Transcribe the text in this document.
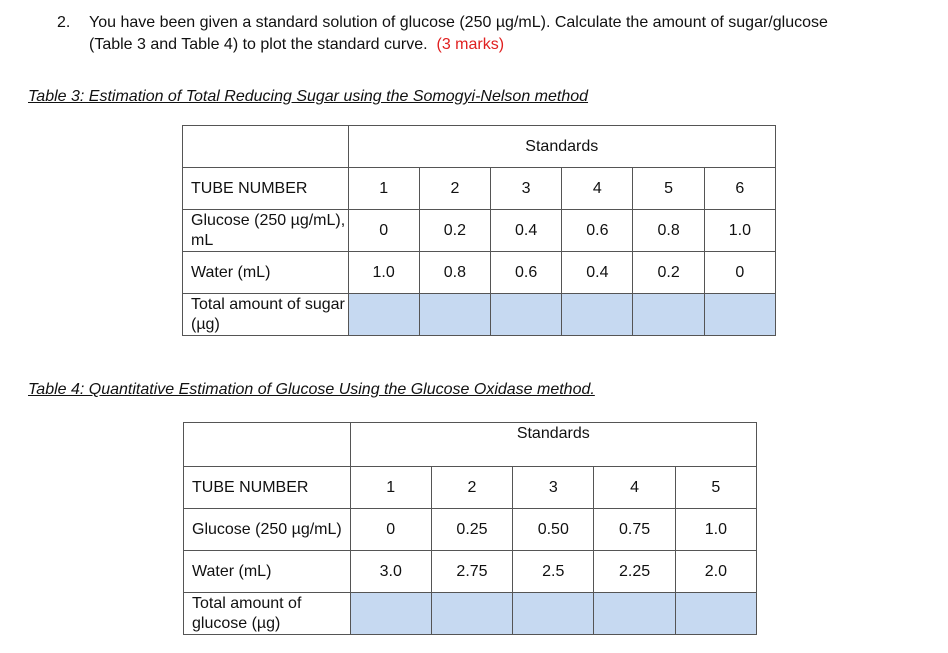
2. You have been given a standard solution of glucose (250 µg/mL). Calculate the amount of sugar/glucose
(Table 3 and Table 4) to plot the standard curve. (3 marks)
Table 3: Estimation of Total Reducing Sugar using the Somogyi-Nelson method
	Standards					
TUBE NUMBER	1	2	3	4	5	6
Glucose (250 µg/mL), mL	0	0.2	0.4	0.6	0.8	1.0
Water (mL)	1.0	0.8	0.6	0.4	0.2	0
Total amount of sugar (µg)						
Table 4: Quantitative Estimation of Glucose Using the Glucose Oxidase method.
	Standards				
TUBE NUMBER	1	2	3	4	5
Glucose (250 µg/mL)	0	0.25	0.50	0.75	1.0
Water (mL)	3.0	2.75	2.5	2.25	2.0
Total amount of glucose (µg)					
